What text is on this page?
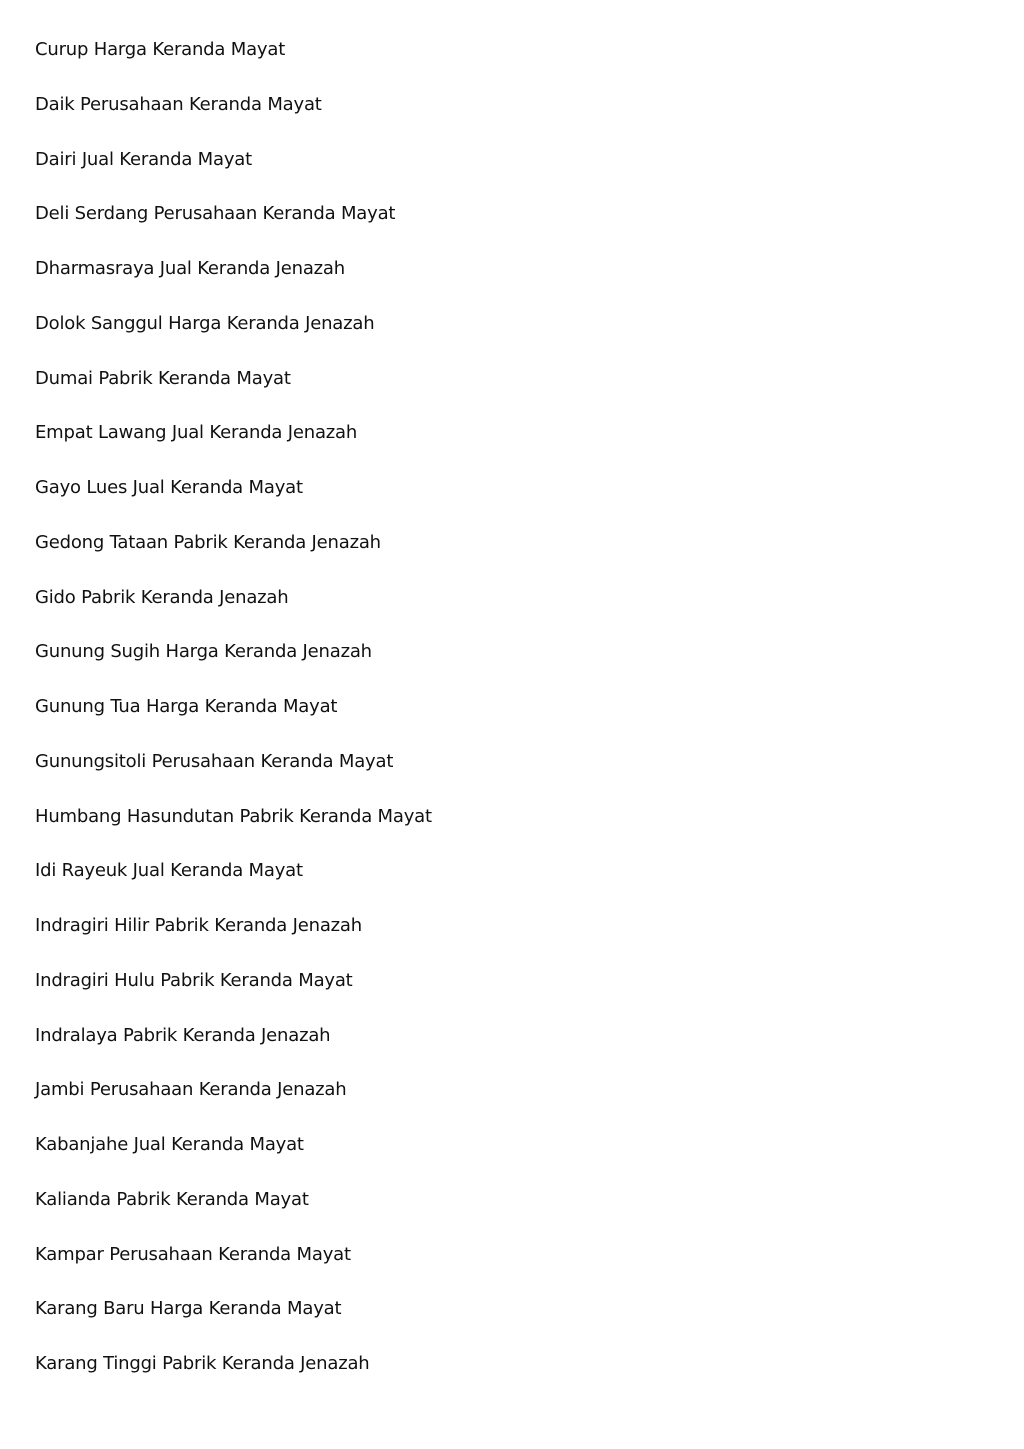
Curup Harga Keranda Mayat
Daik Perusahaan Keranda Mayat
Dairi Jual Keranda Mayat
Deli Serdang Perusahaan Keranda Mayat
Dharmasraya Jual Keranda Jenazah
Dolok Sanggul Harga Keranda Jenazah
Dumai Pabrik Keranda Mayat
Empat Lawang Jual Keranda Jenazah
Gayo Lues Jual Keranda Mayat
Gedong Tataan Pabrik Keranda Jenazah
Gido Pabrik Keranda Jenazah
Gunung Sugih Harga Keranda Jenazah
Gunung Tua Harga Keranda Mayat
Gunungsitoli Perusahaan Keranda Mayat
Humbang Hasundutan Pabrik Keranda Mayat
Idi Rayeuk Jual Keranda Mayat
Indragiri Hilir Pabrik Keranda Jenazah
Indragiri Hulu Pabrik Keranda Mayat
Indralaya Pabrik Keranda Jenazah
Jambi Perusahaan Keranda Jenazah
Kabanjahe Jual Keranda Mayat
Kalianda Pabrik Keranda Mayat
Kampar Perusahaan Keranda Mayat
Karang Baru Harga Keranda Mayat
Karang Tinggi Pabrik Keranda Jenazah
